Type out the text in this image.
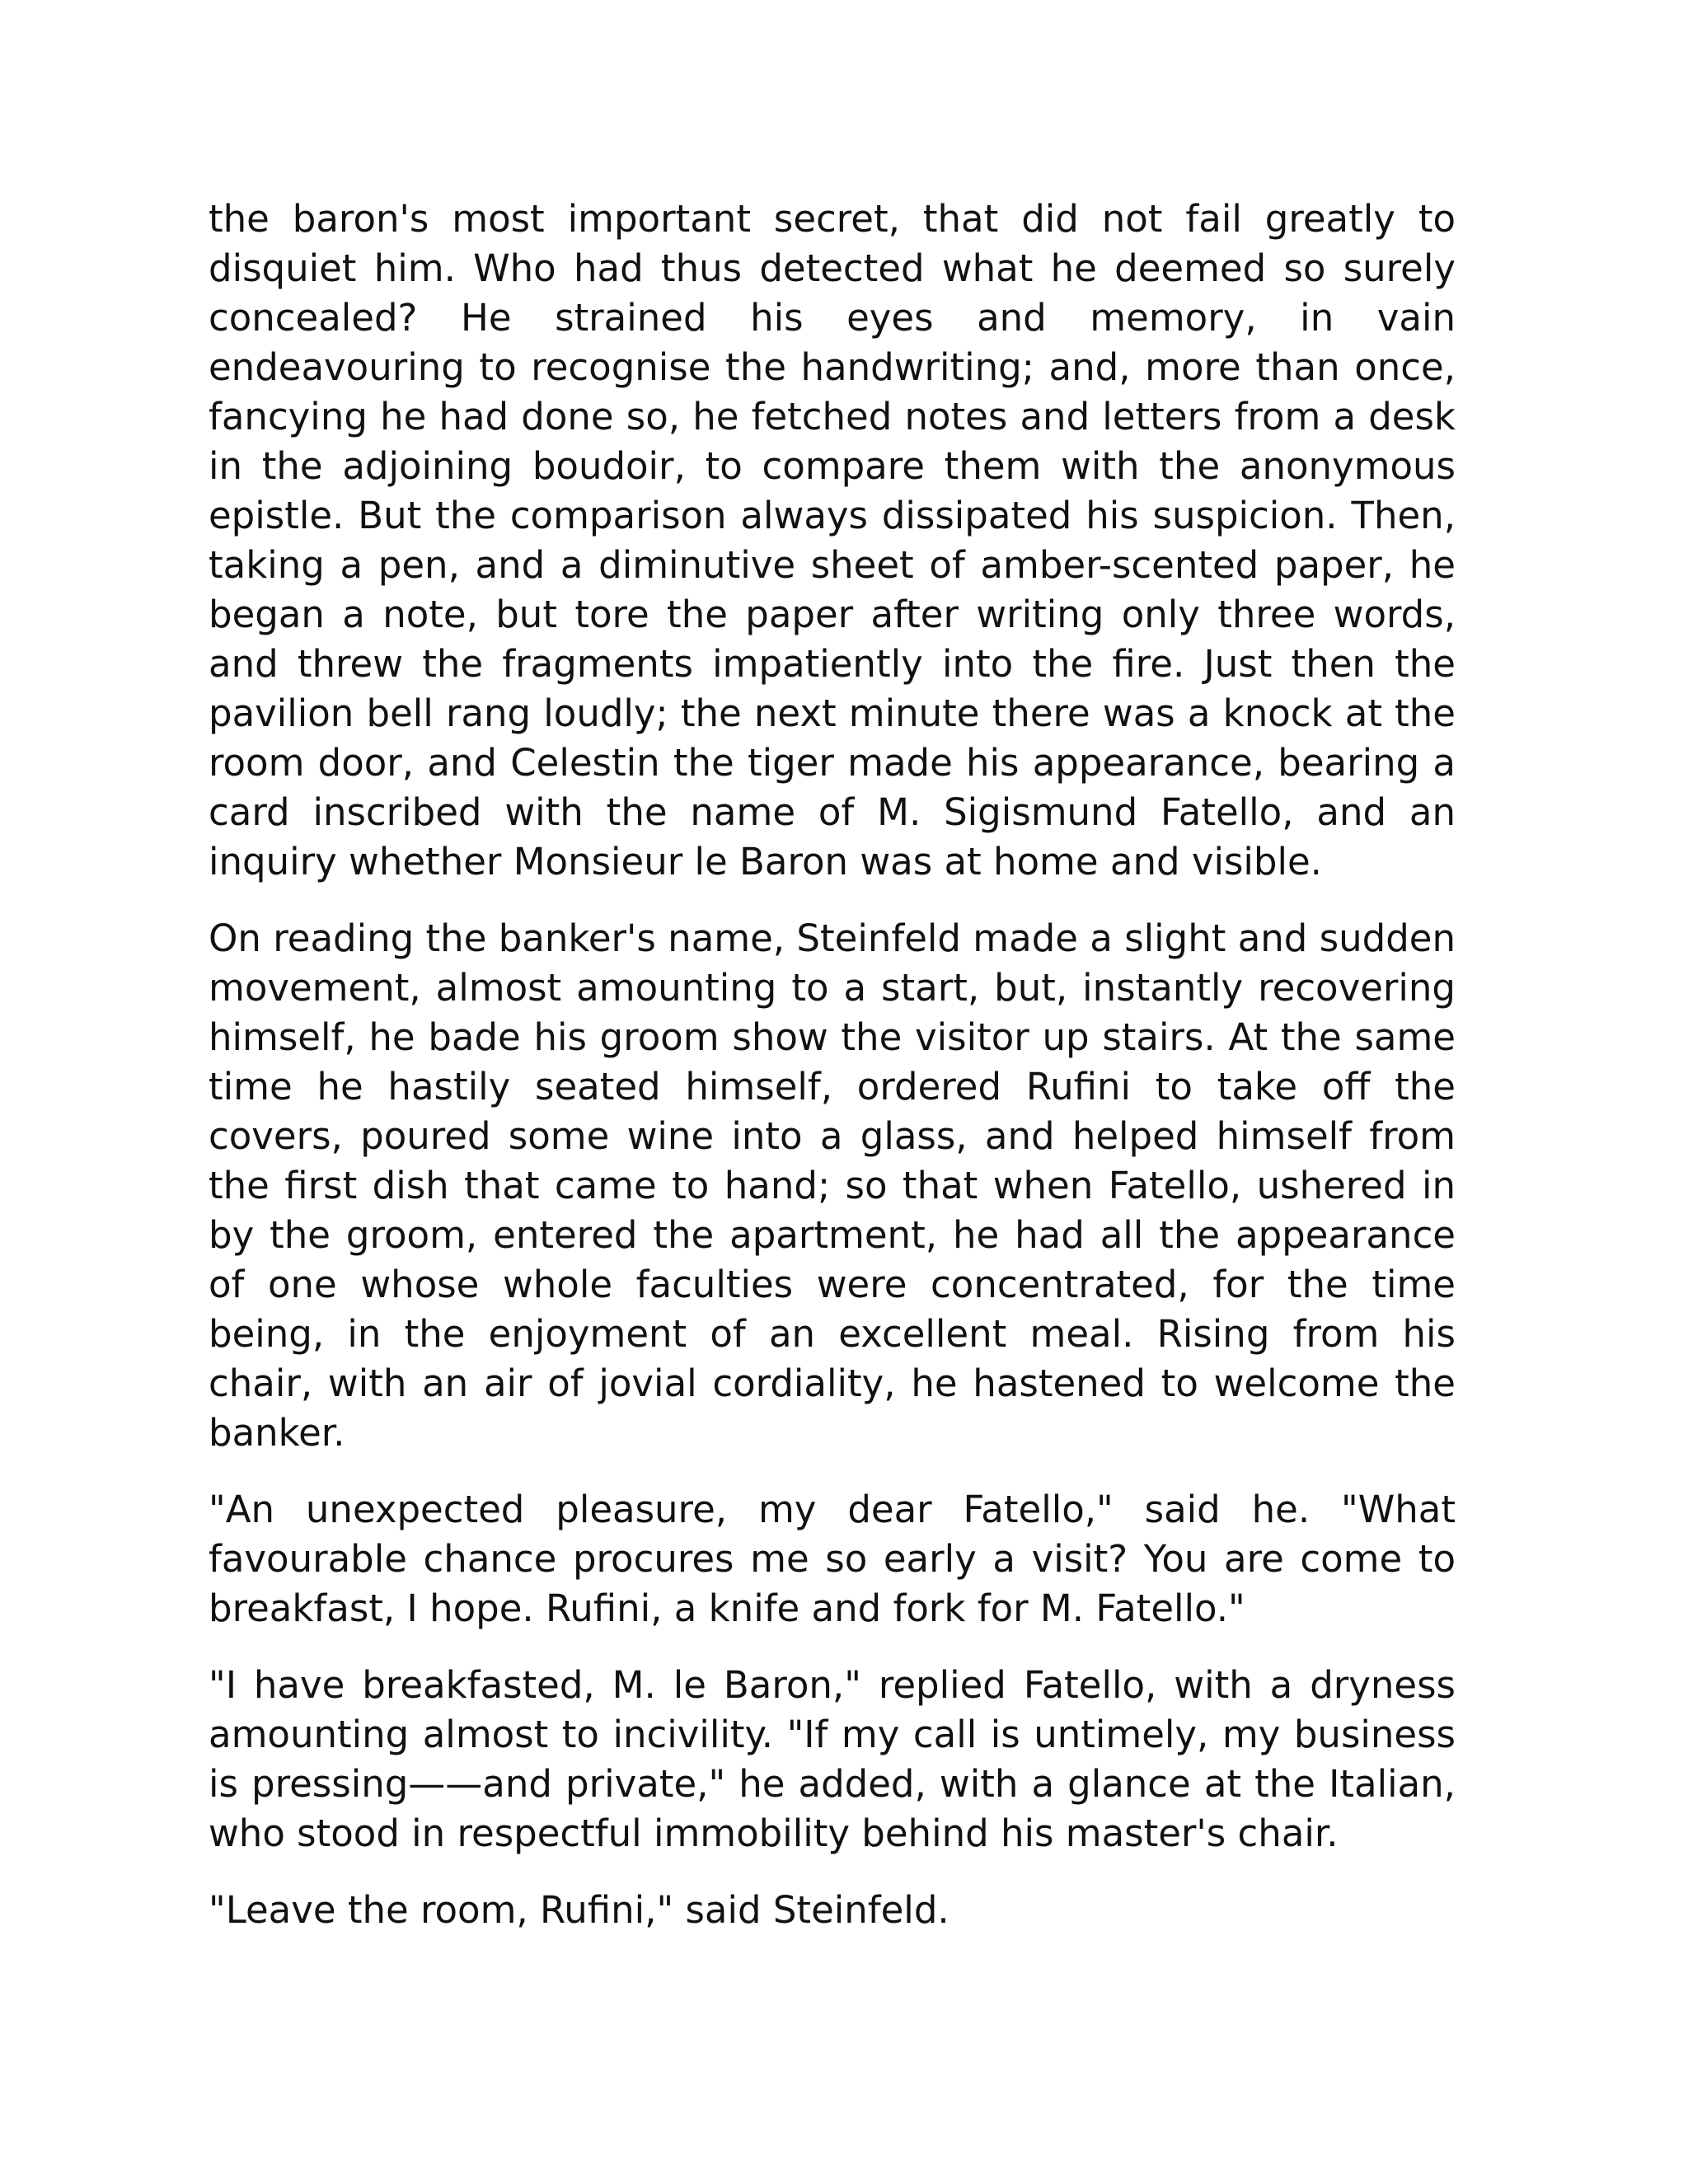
the baron's most important secret, that did not fail greatly to disquiet him. Who had thus detected what he deemed so surely concealed? He strained his eyes and memory, in vain endeavouring to recognise the handwriting; and, more than once, fancying he had done so, he fetched notes and letters from a desk in the adjoining boudoir, to compare them with the anonymous epistle. But the comparison always dissipated his suspicion. Then, taking a pen, and a diminutive sheet of amber-scented paper, he began a note, but tore the paper after writing only three words, and threw the fragments impatiently into the fire. Just then the pavilion bell rang loudly; the next minute there was a knock at the room door, and Celestin the tiger made his appearance, bearing a card inscribed with the name of M. Sigismund Fatello, and an inquiry whether Monsieur le Baron was at home and visible.

On reading the banker's name, Steinfeld made a slight and sudden movement, almost amounting to a start, but, instantly recovering himself, he bade his groom show the visitor up stairs. At the same time he hastily seated himself, ordered Rufini to take off the covers, poured some wine into a glass, and helped himself from the first dish that came to hand; so that when Fatello, ushered in by the groom, entered the apartment, he had all the appearance of one whose whole faculties were concentrated, for the time being, in the enjoyment of an excellent meal. Rising from his chair, with an air of jovial cordiality, he hastened to welcome the banker.

"An unexpected pleasure, my dear Fatello," said he. "What favourable chance procures me so early a visit? You are come to breakfast, I hope. Rufini, a knife and fork for M. Fatello."

"I have breakfasted, M. le Baron," replied Fatello, with a dryness amounting almost to incivility. "If my call is untimely, my business is pressing——and private," he added, with a glance at the Italian, who stood in respectful immobility behind his master's chair.

"Leave the room, Rufini," said Steinfeld.
